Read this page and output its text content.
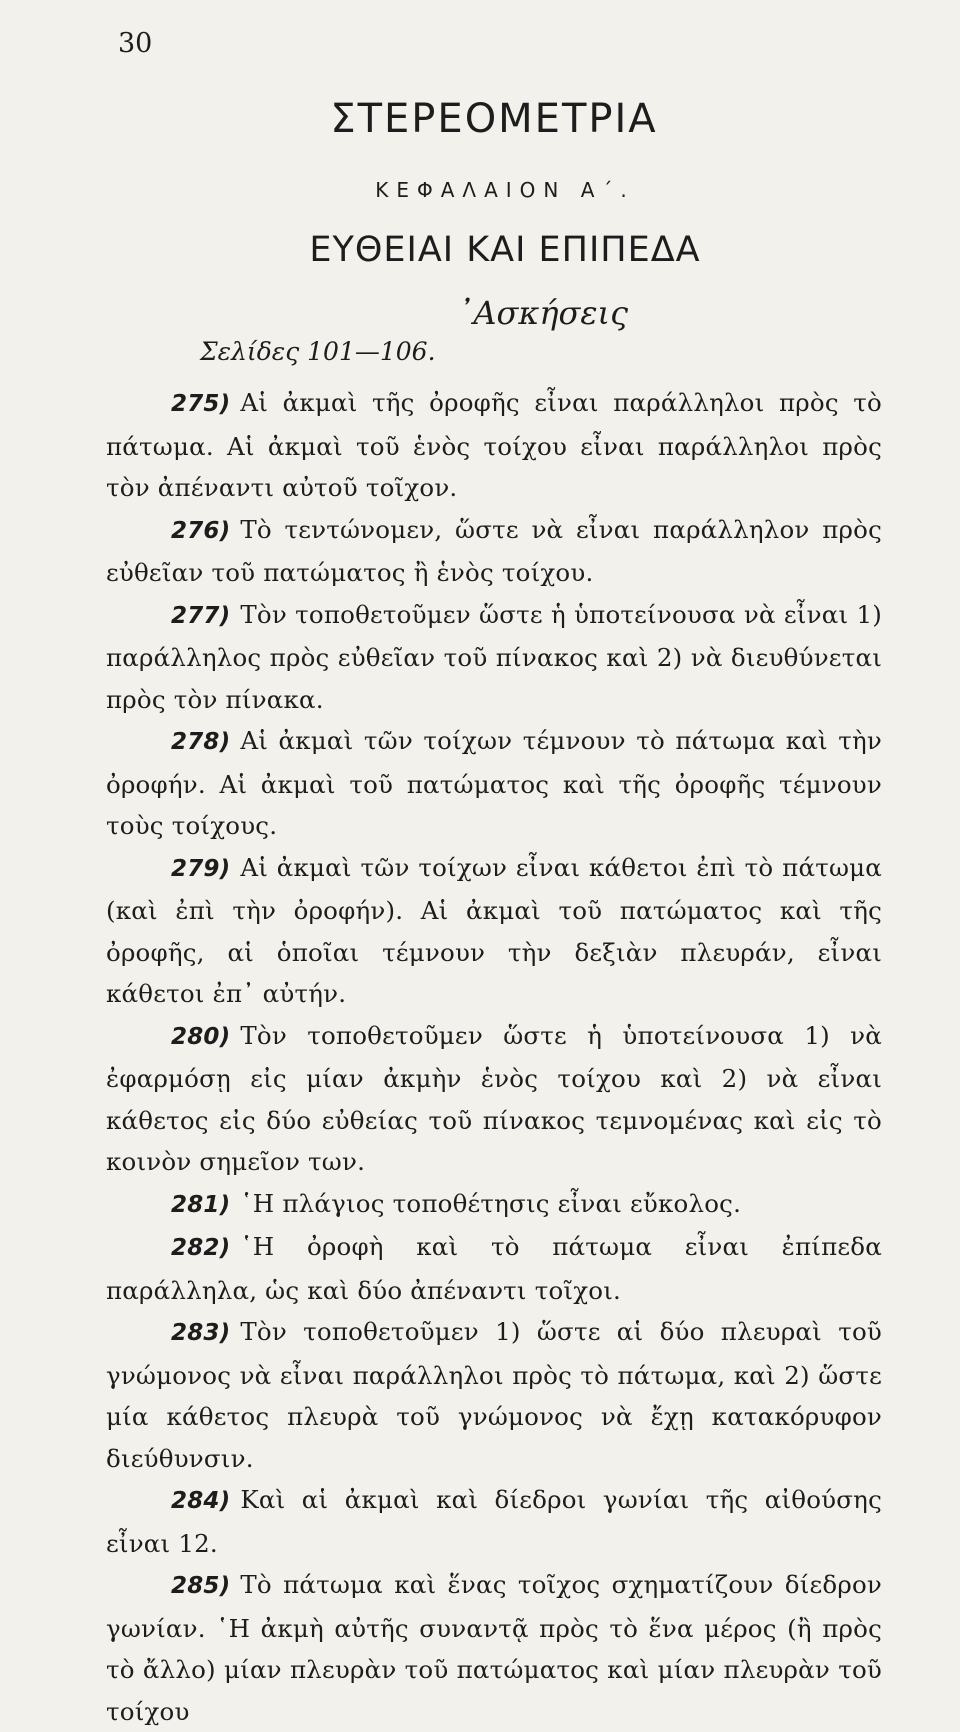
30
ΣΤΕΡΕΟΜΕΤΡΙΑ
ΚΕΦΑΛΑΙΟΝ Α΄.
ΕΥΘΕΙΑΙ ΚΑΙ ΕΠΙΠΕΔΑ
᾿Ασκήσεις
Σελίδες 101—106.

275) Αἱ ἀκμαὶ τῆς ὀροφῆς εἶναι παράλληλοι πρὸς τὸ πάτωμα. Αἱ ἀκμαὶ τοῦ ἑνὸς τοίχου εἶναι παράλληλοι πρὸς τὸν ἀπέναντι αὐτοῦ τοῖχον.

276) Τὸ τεντώνομεν, ὥστε νὰ εἶναι παράλληλον πρὸς εὐθεῖαν τοῦ πατώματος ἢ ἑνὸς τοίχου.

277) Τὸν τοποθετοῦμεν ὥστε ἡ ὑποτείνουσα νὰ εἶναι 1) παράλληλος πρὸς εὐθεῖαν τοῦ πίνακος καὶ 2) νὰ διευθύνεται πρὸς τὸν πίνακα.

278) Αἱ ἀκμαὶ τῶν τοίχων τέμνουν τὸ πάτωμα καὶ τὴν ὀροφήν. Αἱ ἀκμαὶ τοῦ πατώματος καὶ τῆς ὀροφῆς τέμνουν τοὺς τοίχους.

279) Αἱ ἀκμαὶ τῶν τοίχων εἶναι κάθετοι ἐπὶ τὸ πάτωμα (καὶ ἐπὶ τὴν ὀροφήν). Αἱ ἀκμαὶ τοῦ πατώματος καὶ τῆς ὀροφῆς, αἱ ὁποῖαι τέμνουν τὴν δεξιὰν πλευράν, εἶναι κάθετοι ἐπ᾿ αὐτήν.

280) Τὸν τοποθετοῦμεν ὥστε ἡ ὑποτείνουσα 1) νὰ ἐφαρμόσῃ εἰς μίαν ἀκμὴν ἑνὸς τοίχου καὶ 2) νὰ εἶναι κάθετος εἰς δύο εὐθείας τοῦ πίνακος τεμνομένας καὶ εἰς τὸ κοινὸν σημεῖον των.

281) ῾Η πλάγιος τοποθέτησις εἶναι εὔκολος.

282) ῾Η ὀροφὴ καὶ τὸ πάτωμα εἶναι ἐπίπεδα παράλληλα, ὡς καὶ δύο ἀπέναντι τοῖχοι.

283) Τὸν τοποθετοῦμεν 1) ὥστε αἱ δύο πλευραὶ τοῦ γνώμονος νὰ εἶναι παράλληλοι πρὸς τὸ πάτωμα, καὶ 2) ὥστε μία κάθετος πλευρὰ τοῦ γνώμονος νὰ ἔχῃ κατακόρυφον διεύθυνσιν.

284) Καὶ αἱ ἀκμαὶ καὶ δίεδροι γωνίαι τῆς αἰθούσης εἶναι 12.

285) Τὸ πάτωμα καὶ ἕνας τοῖχος σχηματίζουν δίεδρον γωνίαν. ῾Η ἀκμὴ αὐτῆς συναντᾷ πρὸς τὸ ἕνα μέρος (ἢ πρὸς τὸ ἄλλο) μίαν πλευρὰν τοῦ πατώματος καὶ μίαν πλευρὰν τοῦ τοίχου
